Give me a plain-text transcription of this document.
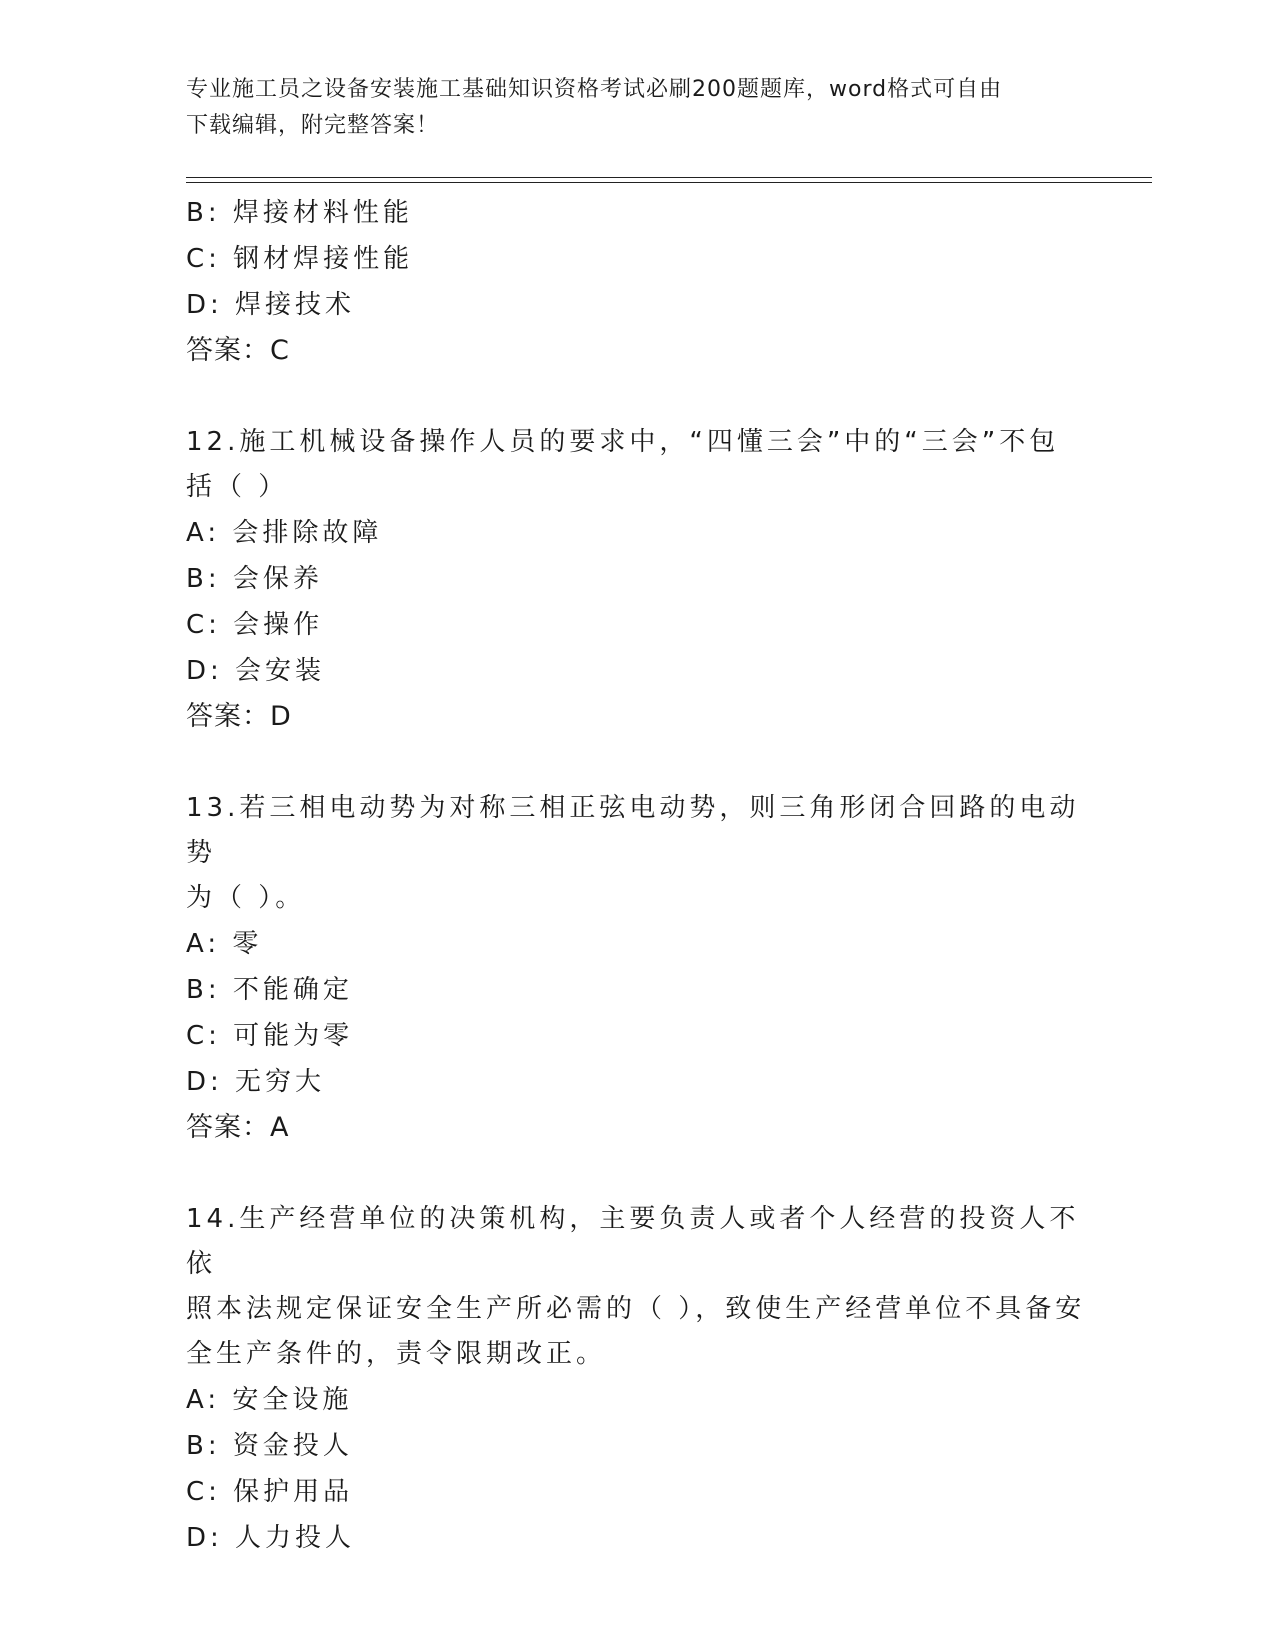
专业施工员之设备安装施工基础知识资格考试必刷200题题库，word格式可自由
下载编辑，附完整答案！
B: 焊接材料性能
C: 钢材焊接性能
D: 焊接技术
答案：C
12.施工机械设备操作人员的要求中，“四懂三会”中的“三会”不包
括（ ）
A: 会排除故障
B: 会保养
C: 会操作
D: 会安装
答案：D
13.若三相电动势为对称三相正弦电动势，则三角形闭合回路的电动势
为（ ）。
A: 零
B: 不能确定
C: 可能为零
D: 无穷大
答案：A
14.生产经营单位的决策机构，主要负责人或者个人经营的投资人不依
照本法规定保证安全生产所必需的（ ），致使生产经营单位不具备安
全生产条件的，责令限期改正。
A: 安全设施
B: 资金投人
C: 保护用品
D: 人力投人
